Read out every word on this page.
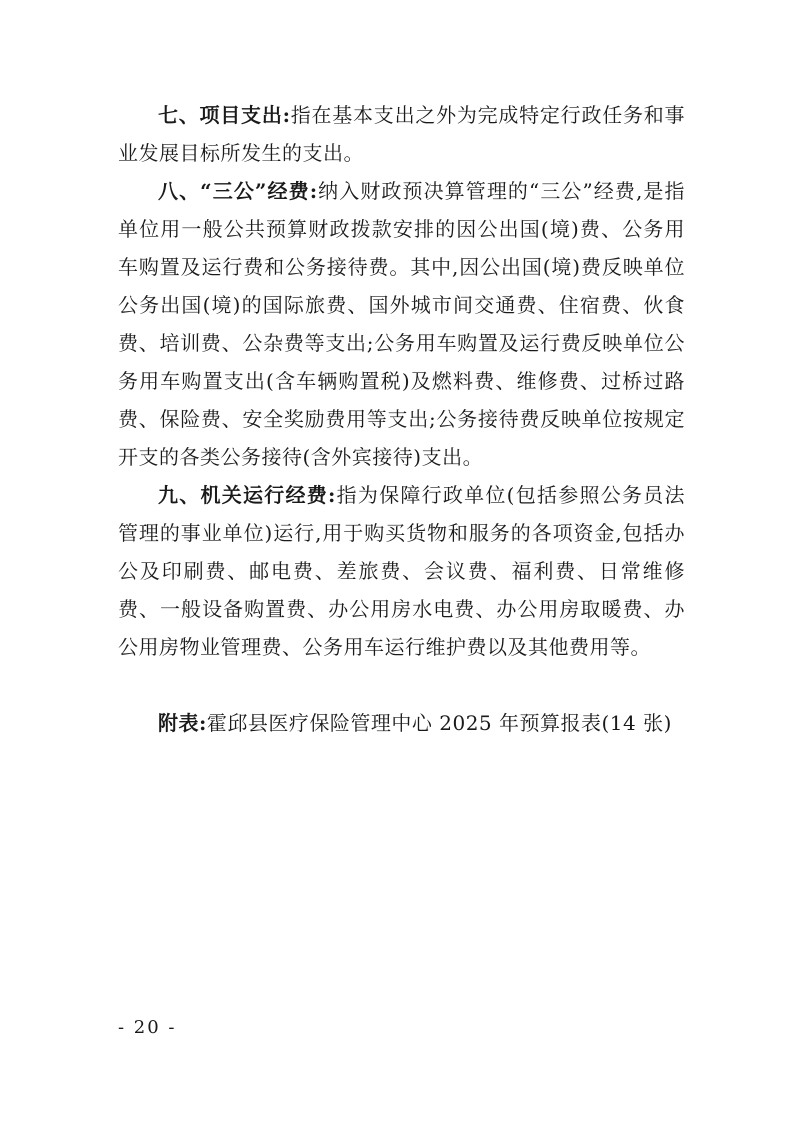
七、项目支出:指在基本支出之外为完成特定行政任务和事业发展目标所发生的支出。

八、“三公”经费:纳入财政预决算管理的“三公”经费,是指单位用一般公共预算财政拨款安排的因公出国(境)费、公务用车购置及运行费和公务接待费。其中,因公出国(境)费反映单位公务出国(境)的国际旅费、国外城市间交通费、住宿费、伙食费、培训费、公杂费等支出;公务用车购置及运行费反映单位公务用车购置支出(含车辆购置税)及燃料费、维修费、过桥过路费、保险费、安全奖励费用等支出;公务接待费反映单位按规定开支的各类公务接待(含外宾接待)支出。

九、机关运行经费:指为保障行政单位(包括参照公务员法管理的事业单位)运行,用于购买货物和服务的各项资金,包括办公及印刷费、邮电费、差旅费、会议费、福利费、日常维修费、一般设备购置费、办公用房水电费、办公用房取暖费、办公用房物业管理费、公务用车运行维护费以及其他费用等。

附表:霍邱县医疗保险管理中心 2025 年预算报表(14 张)

- 20 -
